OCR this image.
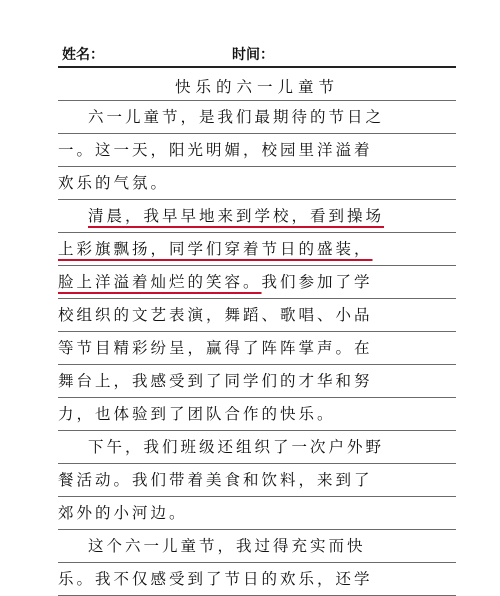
姓名：	时间：
快乐的六一儿童节
六一儿童节，是我们最期待的节日之
一。这一天，阳光明媚，校园里洋溢着
欢乐的气氛。
清晨，我早早地来到学校，看到操场
上彩旗飘扬，同学们穿着节日的盛装，
脸上洋溢着灿烂的笑容。我们参加了学
校组织的文艺表演，舞蹈、歌唱、小品
等节目精彩纷呈，赢得了阵阵掌声。在
舞台上，我感受到了同学们的才华和努
力，也体验到了团队合作的快乐。
下午，我们班级还组织了一次户外野
餐活动。我们带着美食和饮料，来到了
郊外的小河边。
这个六一儿童节，我过得充实而快
乐。我不仅感受到了节日的欢乐，还学
